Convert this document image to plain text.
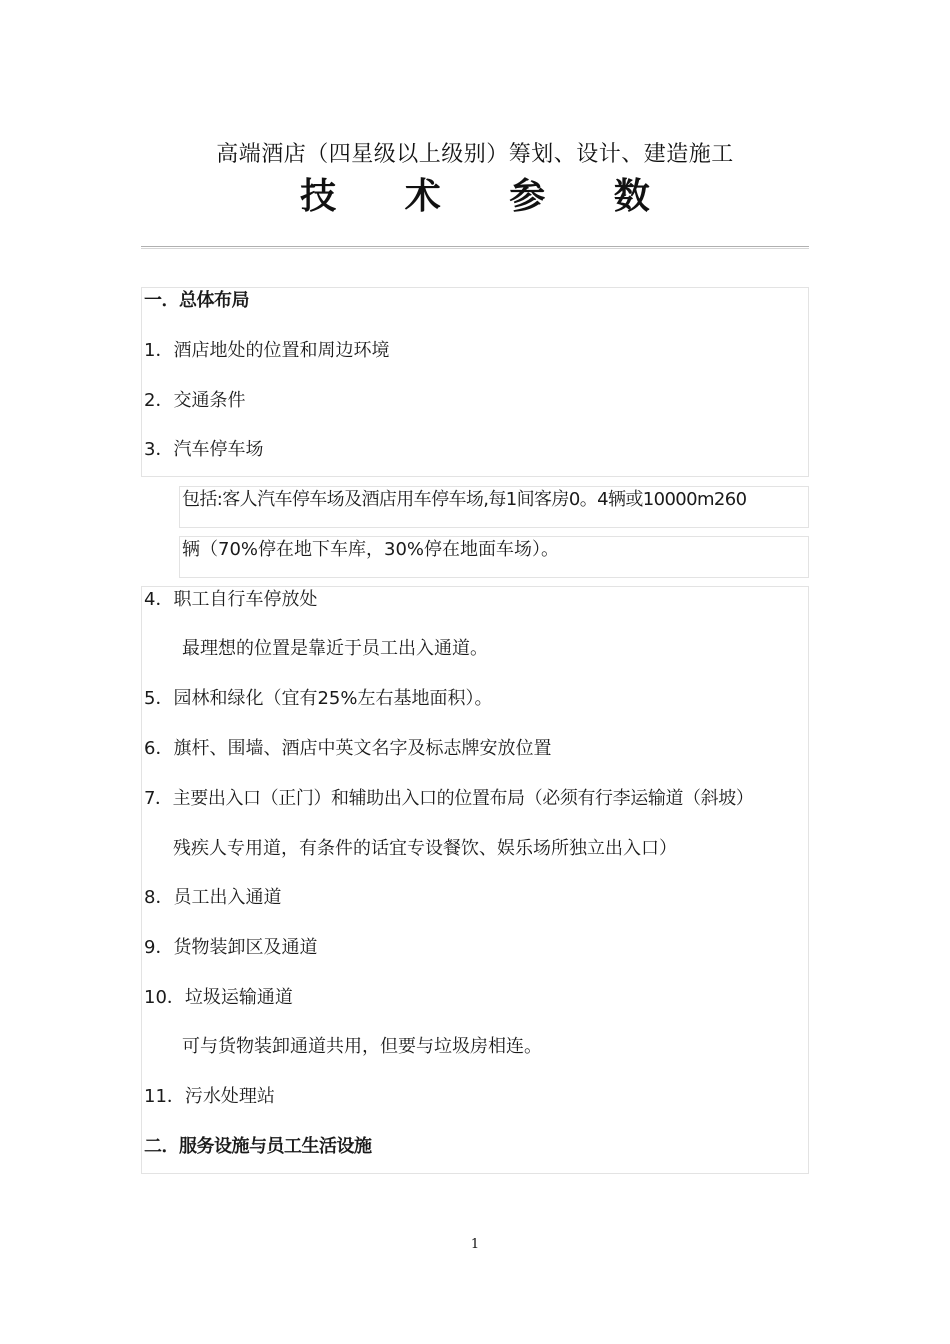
高端酒店（四星级以上级别）筹划、设计、建造施工
技 术 参 数
一．总体布局
1．酒店地处的位置和周边环境
2．交通条件
3．汽车停车场
包括:客人汽车停车场及酒店用车停车场,每1间客房0。4辆或10000m260
辆（70%停在地下车库，30%停在地面车场）。
4．职工自行车停放处
最理想的位置是靠近于员工出入通道。
5．园林和绿化（宜有25%左右基地面积）。
6．旗杆、围墙、酒店中英文名字及标志牌安放位置
7．主要出入口（正门）和辅助出入口的位置布局（必须有行李运输道（斜坡）
残疾人专用道，有条件的话宜专设餐饮、娱乐场所独立出入口）
8．员工出入通道
9．货物装卸区及通道
10．垃圾运输通道
可与货物装卸通道共用，但要与垃圾房相连。
11．污水处理站
二．服务设施与员工生活设施
1
